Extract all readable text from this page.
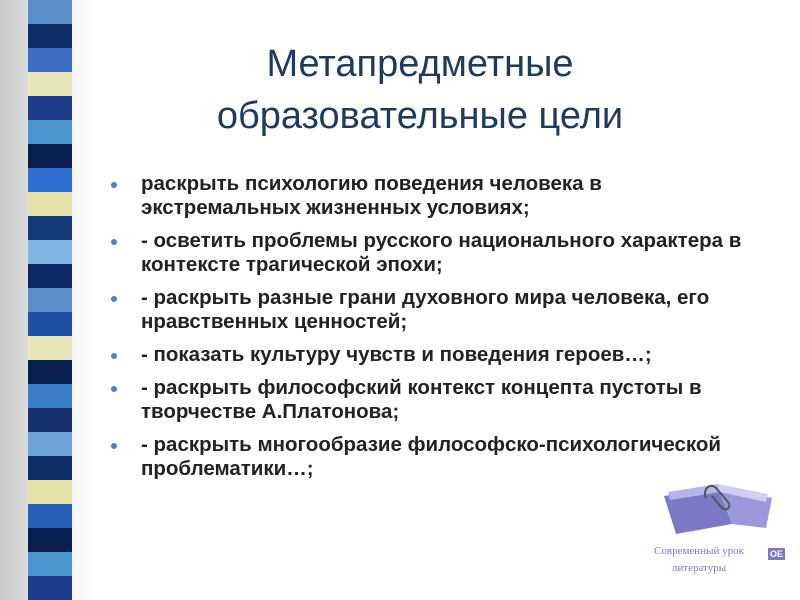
Метапредметные образовательные цели
раскрыть психологию поведения человека в экстремальных жизненных условиях;
- осветить проблемы русского национального характера в контексте трагической эпохи;
- раскрыть разные грани духовного мира человека, его нравственных ценностей;
- показать культуру чувств и поведения героев…;
- раскрыть философский контекст концепта пустоты в творчестве А.Платонова;
- раскрыть многообразие философско-психологической проблематики…;
Современный урок литературы
OE
